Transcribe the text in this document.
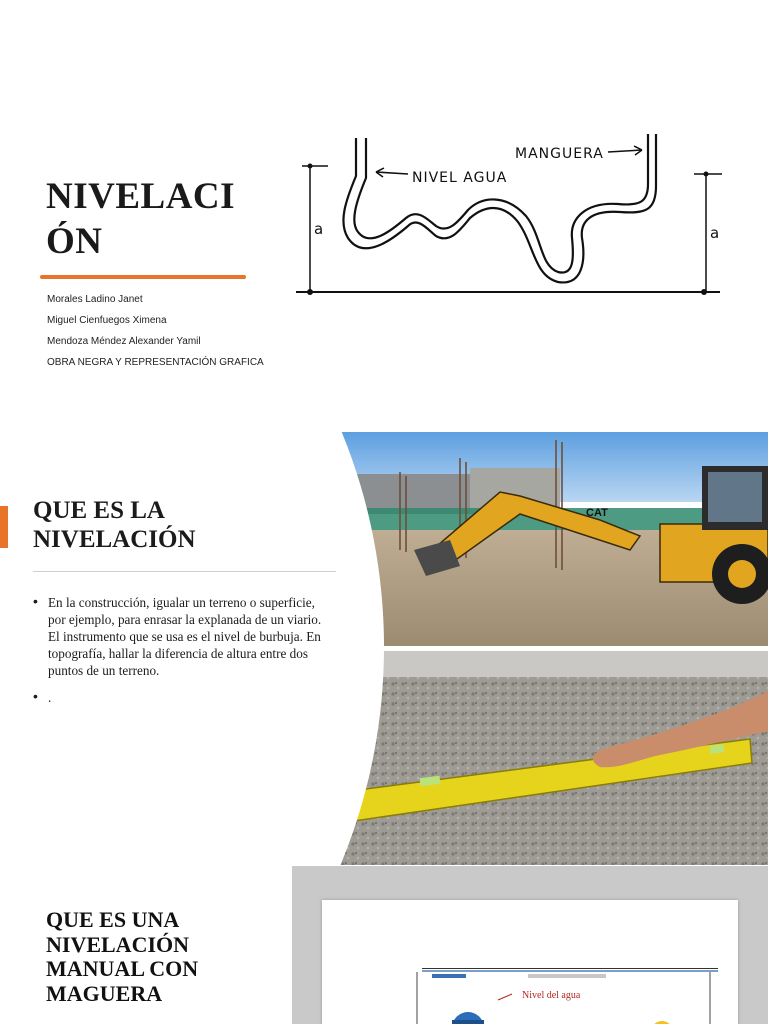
NIVELACI
ÓN
Morales Ladino Janet
Miguel Cienfuegos Ximena
Mendoza Méndez Alexander Yamil
OBRA NEGRA Y REPRESENTACIÓN GRAFICA
a	a
NIVEL AGUA
MANGUERA
CAT
QUE ES LA
NIVELACIÓN
• En la construcción, igualar un terreno o superficie, por ejemplo, para enrasar la explanada de un viario. El instrumento que se usa es el nivel de burbuja. En topografía, hallar la diferencia de altura entre dos puntos de un terreno.
• .
QUE ES UNA
NIVELACIÓN
MANUAL CON
MAGUERA	Nivel del agua
